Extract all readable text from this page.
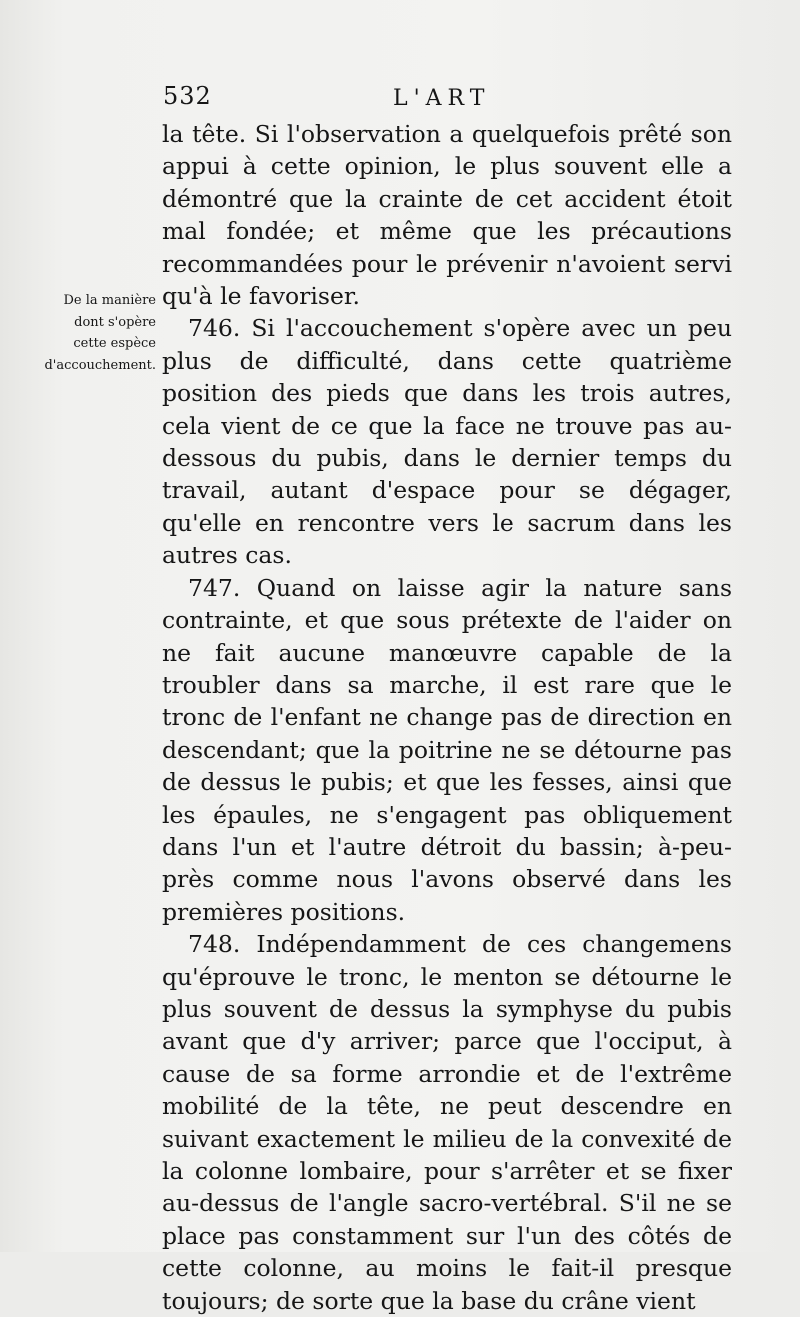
532	L'ART
De la manière dont s'opère cette espèce d'accouchement.

la tête. Si l'observation a quelquefois prêté son appui à cette opinion, le plus souvent elle a démontré que la crainte de cet accident étoit mal fondée; et même que les précautions recommandées pour le prévenir n'avoient servi qu'à le favoriser.

746. Si l'accouchement s'opère avec un peu plus de difficulté, dans cette quatrième position des pieds que dans les trois autres, cela vient de ce que la face ne trouve pas au-dessous du pubis, dans le dernier temps du travail, autant d'espace pour se dégager, qu'elle en rencontre vers le sacrum dans les autres cas.

747. Quand on laisse agir la nature sans contrainte, et que sous prétexte de l'aider on ne fait aucune manœuvre capable de la troubler dans sa marche, il est rare que le tronc de l'enfant ne change pas de direction en descendant; que la poitrine ne se détourne pas de dessus le pubis; et que les fesses, ainsi que les épaules, ne s'engagent pas obliquement dans l'un et l'autre détroit du bassin; à-peu-près comme nous l'avons observé dans les premières positions.

748. Indépendamment de ces changemens qu'éprouve le tronc, le menton se détourne le plus souvent de dessus la symphyse du pubis avant que d'y arriver; parce que l'occiput, à cause de sa forme arrondie et de l'extrême mobilité de la tête, ne peut descendre en suivant exactement le milieu de la convexité de la colonne lombaire, pour s'arrêter et se fixer au-dessus de l'angle sacro-vertébral. S'il ne se place pas constamment sur l'un des côtés de cette colonne, au moins le fait-il presque toujours; de sorte que la base du crâne vient
